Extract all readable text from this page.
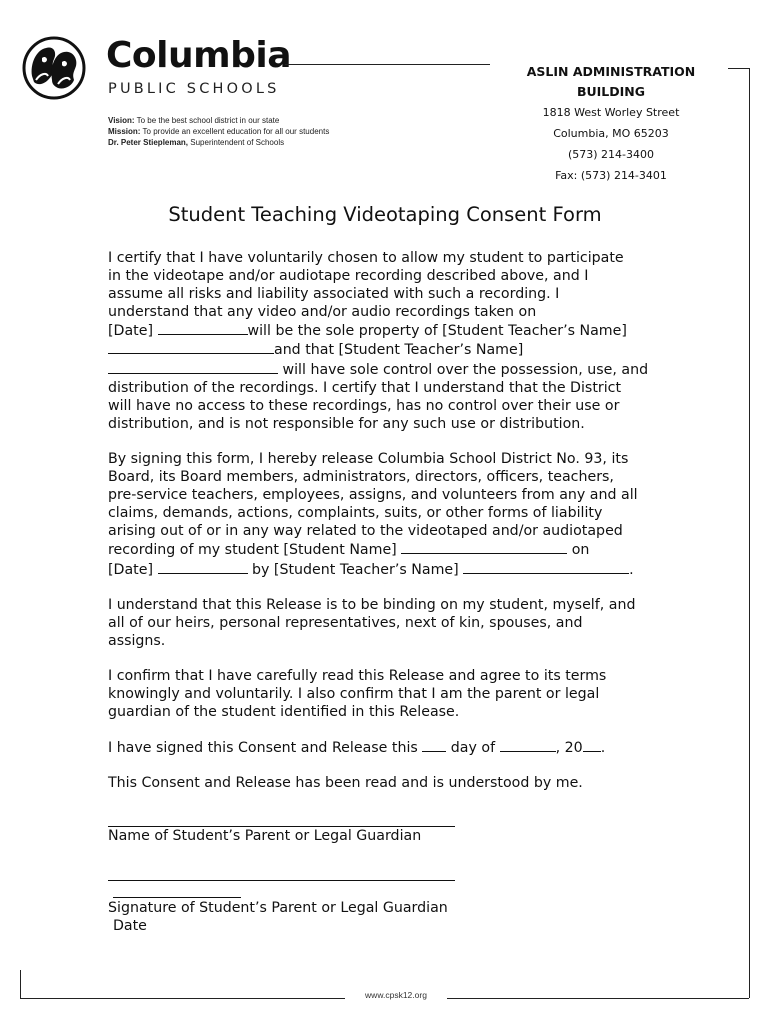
Columbia
PUBLIC SCHOOLS
Vision: To be the best school district in our state
Mission: To provide an excellent education for all our students
Dr. Peter Stiepleman, Superintendent of Schools
ASLIN ADMINISTRATION
BUILDING
1818 West Worley Street
Columbia, MO 65203
(573) 214-3400
Fax: (573) 214-3401
Student Teaching Videotaping Consent Form

I certify that I have voluntarily chosen to allow my student to participate
in the videotape and/or audiotape recording described above, and I
assume all risks and liability associated with such a recording. I
understand that any video and/or audio recordings taken on
[Date]	will be the sole property of [Student Teacher’s Name]
and that [Student Teacher’s Name]
will have sole control over the possession, use, and
distribution of the recordings. I certify that I understand that the District
will have no access to these recordings, has no control over their use or
distribution, and is not responsible for any such use or distribution.

By signing this form, I hereby release Columbia School District No. 93, its
Board, its Board members, administrators, directors, officers, teachers,
pre-service teachers, employees, assigns, and volunteers from any and all
claims, demands, actions, complaints, suits, or other forms of liability
arising out of or in any way related to the videotaped and/or audiotaped
recording of my student [Student Name]	on
[Date]	by [Student Teacher’s Name]	.

I understand that this Release is to be binding on my student, myself, and
all of our heirs, personal representatives, next of kin, spouses, and
assigns.

I confirm that I have carefully read this Release and agree to its terms
knowingly and voluntarily. I also confirm that I am the parent or legal
guardian of the student identified in this Release.

I have signed this Consent and Release this  day of	, 20 .

This Consent and Release has been read and is understood by me.

Name of Student’s Parent or Legal Guardian
Signature of Student’s Parent or Legal Guardian
Date
www.cpsk12.org
